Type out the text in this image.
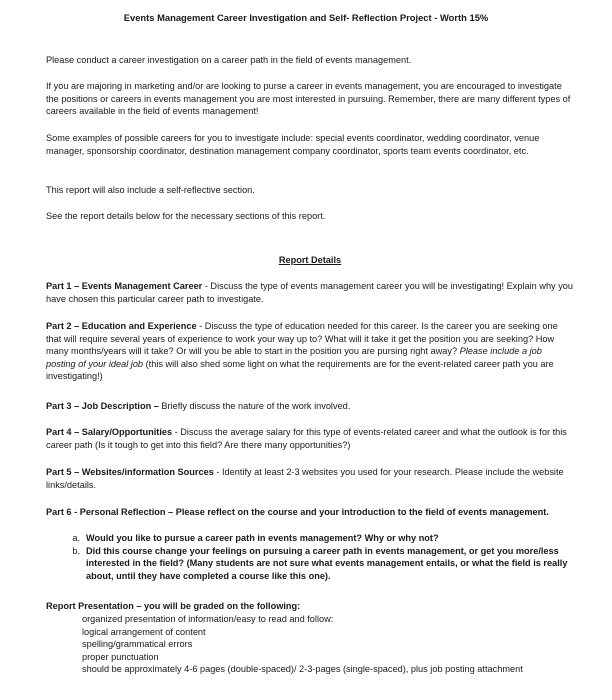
Events Management Career Investigation and Self- Reflection Project - Worth 15%

Please conduct a career investigation on a career path in the field of events management.

If you are majoring in marketing and/or are looking to purse a career in events management, you are encouraged to investigate the positions or careers in events management you are most interested in pursuing. Remember, there are many different types of careers available in the field of events management!

Some examples of possible careers for you to investigate include: special events coordinator, wedding coordinator, venue manager, sponsorship coordinator, destination management company coordinator, sports team events coordinator, etc.

This report will also include a self-reflective section.

See the report details below for the necessary sections of this report.

Report Details

Part 1 – Events Management Career - Discuss the type of events management career you will be investigating! Explain why you have chosen this particular career path to investigate.

Part 2 – Education and Experience - Discuss the type of education needed for this career. Is the career you are seeking one that will require several years of experience to work your way up to? What will it take it get the position you are seeking? How many months/years will it take? Or will you be able to start in the position you are pursing right away? Please include a job posting of your ideal job (this will also shed some light on what the requirements are for the event-related career path you are investigating!)

Part 3 – Job Description – Briefly discuss the nature of the work involved.

Part 4 – Salary/Opportunities - Discuss the average salary for this type of events-related career and what the outlook is for this career path (Is it tough to get into this field? Are there many opportunities?)

Part 5 – Websites/information Sources - Identify at least 2-3 websites you used for your research. Please include the website links/details.

Part 6 - Personal Reflection – Please reflect on the course and your introduction to the field of events management.

a. Would you like to pursue a career path in events management? Why or why not?
b. Did this course change your feelings on pursuing a career path in events management, or get you more/less interested in the field? (Many students are not sure what events management entails, or what the field is really about, until they have completed a course like this one).

Report Presentation – you will be graded on the following:

organized presentation of information/easy to read and follow:
logical arrangement of content
spelling/grammatical errors
proper punctuation
should be approximately 4-6 pages (double-spaced)/ 2-3-pages (single-spaced), plus job posting attachment
